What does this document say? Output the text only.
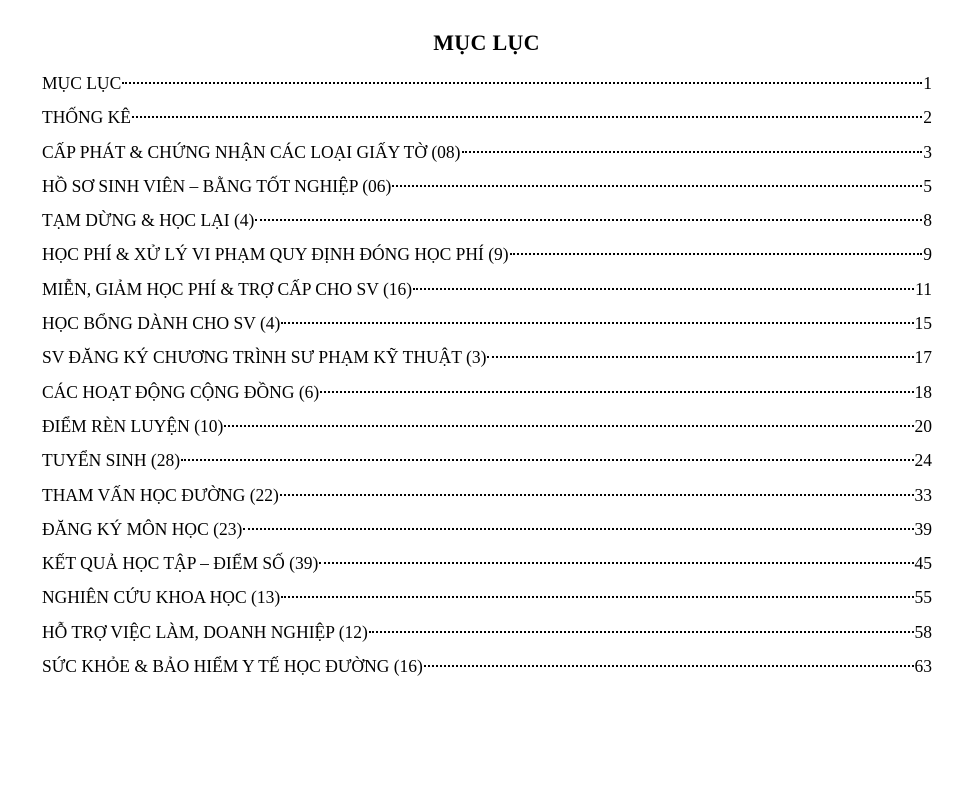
MỤC LỤC
MỤC LỤC	1
THỐNG KÊ	2
CẤP PHÁT & CHỨNG NHẬN CÁC LOẠI GIẤY TỜ (08)	3
HỒ SƠ SINH VIÊN – BẰNG TỐT NGHIỆP (06)	5
TẠM DỪNG & HỌC LẠI (4)	8
HỌC PHÍ & XỬ LÝ VI PHẠM QUY ĐỊNH ĐÓNG HỌC PHÍ (9)	9
MIỄN, GIẢM HỌC PHÍ & TRỢ CẤP CHO SV (16)	11
HỌC BỔNG DÀNH CHO SV (4)	15
SV ĐĂNG KÝ CHƯƠNG TRÌNH SƯ PHẠM KỸ THUẬT (3)	17
CÁC HOẠT ĐỘNG CỘNG ĐỒNG (6)	18
ĐIỂM RÈN LUYỆN (10)	20
TUYỂN SINH (28)	24
THAM VẤN HỌC ĐƯỜNG (22)	33
ĐĂNG KÝ MÔN HỌC (23)	39
KẾT QUẢ HỌC TẬP – ĐIỂM SỐ (39)	45
NGHIÊN CỨU KHOA HỌC (13)	55
HỖ TRỢ VIỆC LÀM, DOANH NGHIỆP (12)	58
SỨC KHỎE & BẢO HIỂM Y TẾ HỌC ĐƯỜNG (16)	63
